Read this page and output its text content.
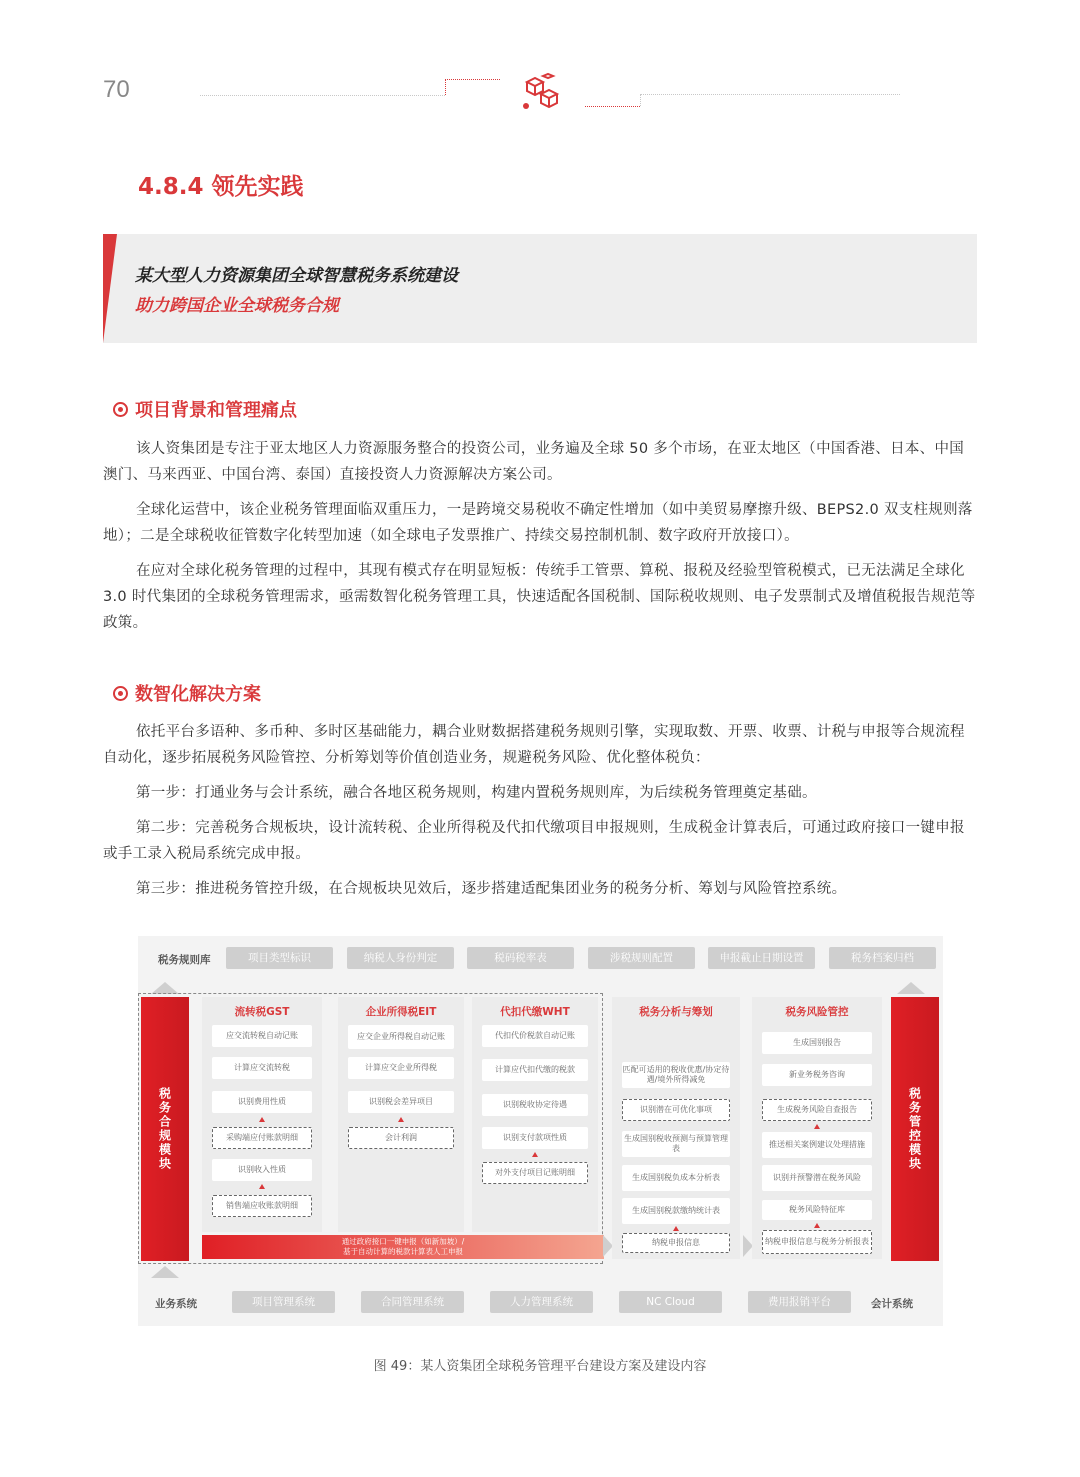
70
4.8.4 领先实践
某大型人力资源集团全球智慧税务系统建设
助力跨国企业全球税务合规
项目背景和管理痛点
该人资集团是专注于亚太地区人力资源服务整合的投资公司，业务遍及全球 50 多个市场，在亚太地区（中国香港、日本、中国澳门、马来西亚、中国台湾、泰国）直接投资人力资源解决方案公司。
全球化运营中，该企业税务管理面临双重压力，一是跨境交易税收不确定性增加（如中美贸易摩擦升级、BEPS2.0 双支柱规则落地）；二是全球税收征管数字化转型加速（如全球电子发票推广、持续交易控制机制、数字政府开放接口）。
在应对全球化税务管理的过程中，其现有模式存在明显短板：传统手工管票、算税、报税及经验型管税模式，已无法满足全球化 3.0 时代集团的全球税务管理需求，亟需数智化税务管理工具，快速适配各国税制、国际税收规则、电子发票制式及增值税报告规范等政策。
数智化解决方案
依托平台多语种、多币种、多时区基础能力，耦合业财数据搭建税务规则引擎，实现取数、开票、收票、计税与申报等合规流程自动化，逐步拓展税务风险管控、分析筹划等价值创造业务，规避税务风险、优化整体税负：
第一步：打通业务与会计系统，融合各地区税务规则，构建内置税务规则库，为后续税务管理奠定基础。
第二步：完善税务合规板块，设计流转税、企业所得税及代扣代缴项目申报规则，生成税金计算表后，可通过政府接口一键申报或手工录入税局系统完成申报。
第三步：推进税务管控升级，在合规板块见效后，逐步搭建适配集团业务的税务分析、筹划与风险管控系统。
税务规则库	项目类型标识	纳税人身份判定	税码税率表	涉税规则配置	申报截止日期设置	税务档案归档
税务合规模块	税务管控模块
流转税GST
应交流转税自动记账
计算应交流转税
识别费用性质
采购端应付账款明细
识别收入性质
销售端应收账款明细
企业所得税EIT
应交企业所得税自动记账
计算应交企业所得税
识别税会差异项目
会计利润
代扣代缴WHT
代扣代价税款自动记账
计算应代扣代缴的税款
识别税收协定待遇
识别支付款项性质
对外支付项目记账明细
通过政府接口一键申报（如新加坡）/
基于自动计算的税款计算表人工申报
税务分析与筹划
匹配可适用的税收优惠/协定待遇/境外所得减免
识别潜在可优化事项
生成国别税收预测与预算管理表
生成国别税负成本分析表
生成国别税款缴纳统计表
纳税申报信息
税务风险管控
生成国别报告
新业务税务咨询
生成税务风险自查报告
推送相关案例建议处理措施
识别并预警潜在税务风险
税务风险特征库
纳税申报信息与税务分析报表
业务系统	项目管理系统	合同管理系统	人力管理系统	NC Cloud	费用报销平台	会计系统
图 49：某人资集团全球税务管理平台建设方案及建设内容
